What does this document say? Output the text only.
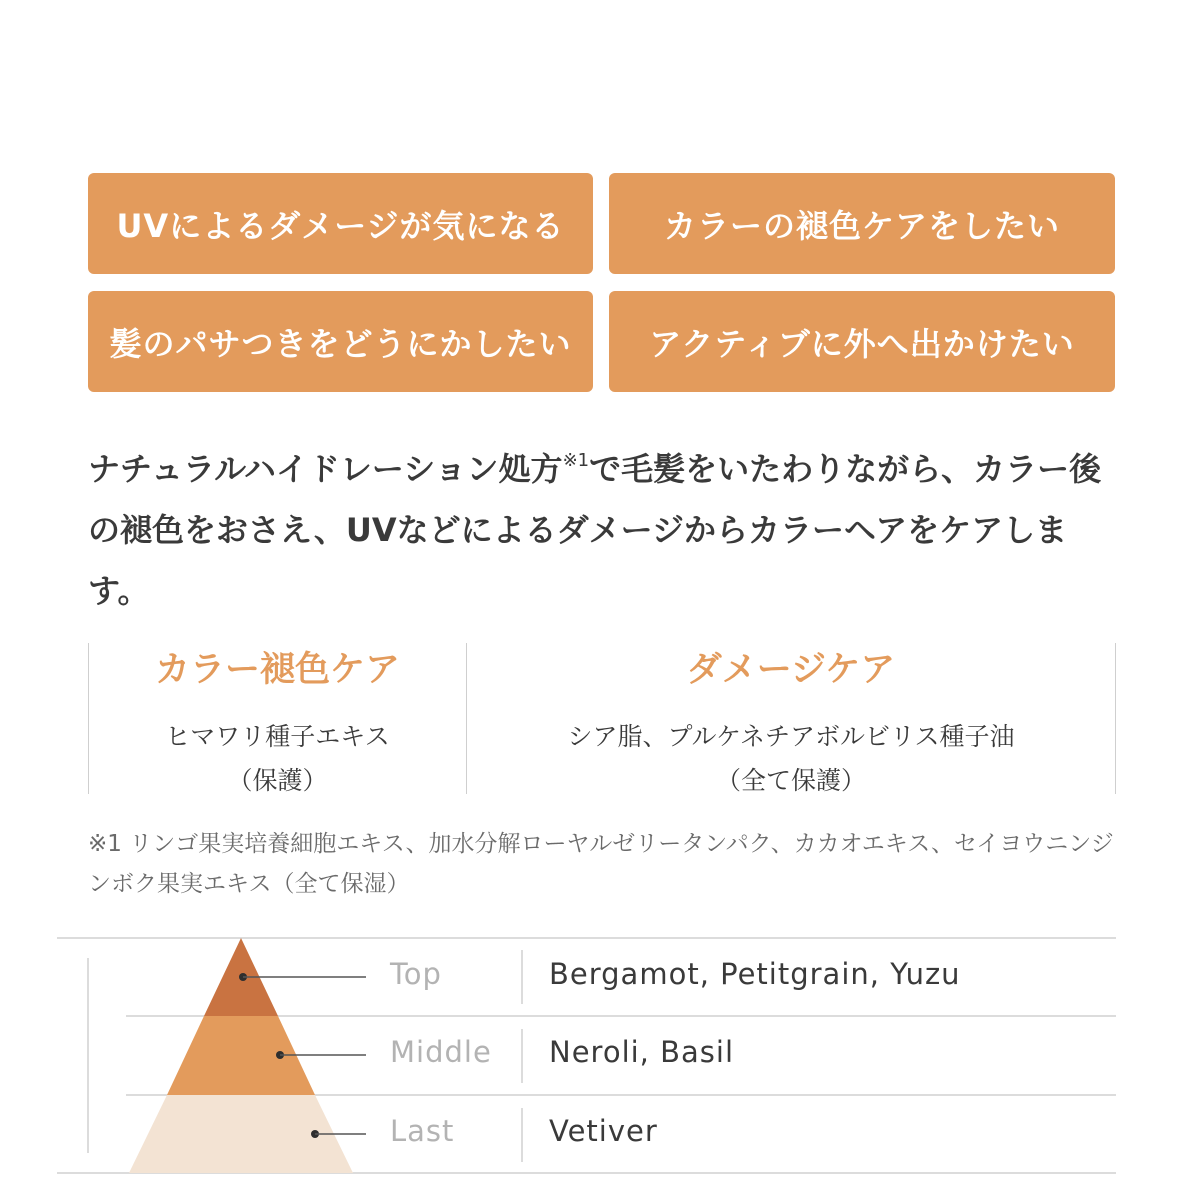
UVによるダメージが気になる	カラーの褪色ケアをしたい
髪のパサつきをどうにかしたい	アクティブに外へ出かけたい

ナチュラルハイドレーション処方$^{※1}$で毛髪をいたわりながら、カラー後の褪色をおさえ、UVなどによるダメージからカラーヘアをケアします。

カラー褪色ケア
ヒマワリ種子エキス
（保護）
ダメージケア
シア脂、プルケネチアボルビリス種子油
（全て保護）

※1 リンゴ果実培養細胞エキス、加水分解ローヤルゼリータンパク、カカオエキス、セイヨウニンジンボク果実エキス（全て保湿）

Top	Bergamot, Petitgrain, Yuzu
Middle Neroli, Basil
Last	Vetiver
